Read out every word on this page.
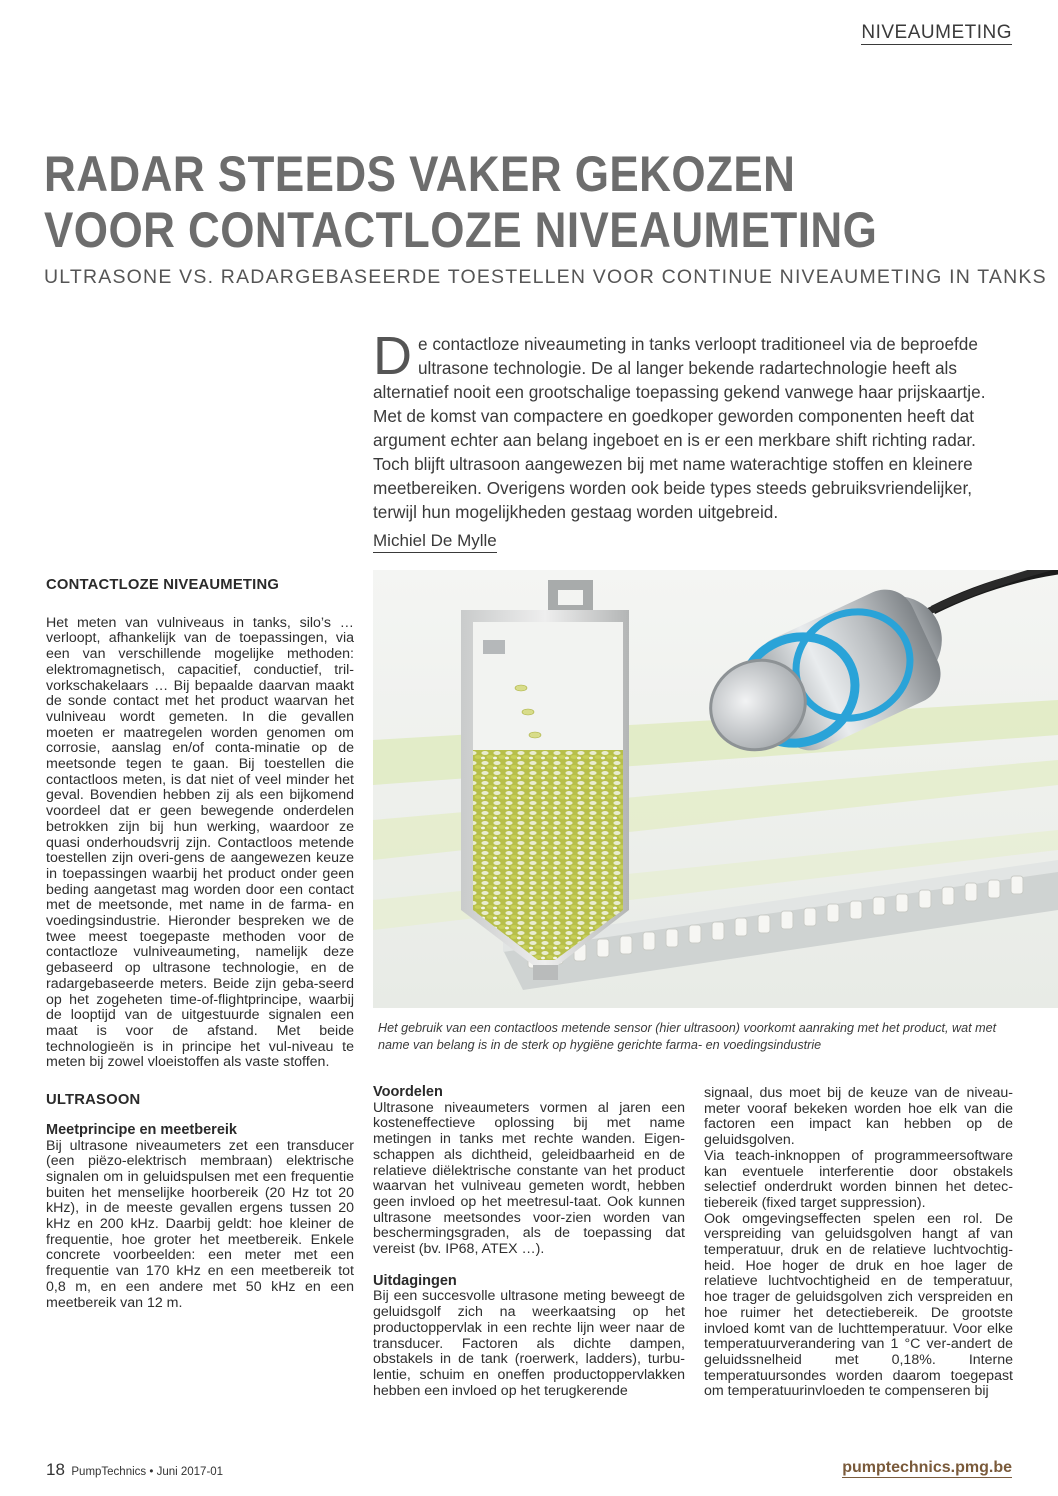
NIVEAUMETING
RADAR STEEDS VAKER GEKOZEN
VOOR CONTACTLOZE NIVEAUMETING
ULTRASONE VS. RADARGEBASEERDE TOESTELLEN VOOR CONTINUE NIVEAUMETING IN TANKS
De contactloze niveaumeting in tanks verloopt traditioneel via de beproefde ultrasone technologie. De al langer bekende radartechnologie heeft als alternatief nooit een grootschalige toepassing gekend vanwege haar prijskaartje. Met de komst van compactere en goedkoper geworden componenten heeft dat argument echter aan belang ingeboet en is er een merkbare shift richting radar. Toch blijft ultrasoon aangewezen bij met name waterachtige stoffen en kleinere meetbereiken. Overigens worden ook beide types steeds gebruiksvriendelijker, terwijl hun mogelijkheden gestaag worden uitgebreid.
Michiel De Mylle
CONTACTLOZE NIVEAUMETING

Het meten van vulniveaus in tanks, silo’s … verloopt, afhankelijk van de toepassingen, via een van verschillende mogelijke methoden: elektromagnetisch, capacitief, conductief, tril-vorkschakelaars … Bij bepaalde daarvan maakt de sonde contact met het product waarvan het vulniveau wordt gemeten. In die gevallen moeten er maatregelen worden genomen om corrosie, aanslag en/of conta-minatie op de meetsonde tegen te gaan. Bij toestellen die contactloos meten, is dat niet of veel minder het geval. Bovendien hebben zij als een bijkomend voordeel dat er geen bewegende onderdelen betrokken zijn bij hun werking, waardoor ze quasi onderhoudsvrij zijn. Contactloos metende toestellen zijn overi-gens de aangewezen keuze in toepassingen waarbij het product onder geen beding aangetast mag worden door een contact met de meetsonde, met name in de farma- en voedingsindustrie. Hieronder bespreken we de twee meest toegepaste methoden voor de contactloze vulniveaumeting, namelijk deze gebaseerd op ultrasone technologie, en de radargebaseerde meters. Beide zijn geba-seerd op het zogeheten time-of-flightprincipe, waarbij de looptijd van de uitgestuurde signalen een maat is voor de afstand. Met beide technologieën is in principe het vul-niveau te meten bij zowel vloeistoffen als vaste stoffen.

ULTRASOON
Meetprincipe en meetbereik

Bij ultrasone niveaumeters zet een transducer (een piëzo-elektrisch membraan) elektrische signalen om in geluidspulsen met een frequentie buiten het menselijke hoorbereik (20 Hz tot 20 kHz), in de meeste gevallen ergens tussen 20 kHz en 200 kHz. Daarbij geldt: hoe kleiner de frequentie, hoe groter het meetbereik. Enkele concrete voorbeelden: een meter met een frequentie van 170 kHz en een meetbereik tot 0,8 m, en een andere met 50 kHz en een meetbereik van 12 m.

Het gebruik van een contactloos metende sensor (hier ultrasoon) voorkomt aanraking met het product, wat met name van belang is in de sterk op hygiëne gerichte farma- en voedingsindustrie
Voordelen

Ultrasone niveaumeters vormen al jaren een kosteneffectieve oplossing bij met name metingen in tanks met rechte wanden. Eigen-schappen als dichtheid, geleidbaarheid en de relatieve diëlektrische constante van het product waarvan het vulniveau gemeten wordt, hebben geen invloed op het meetresul-taat. Ook kunnen ultrasone meetsondes voor-zien worden van beschermingsgraden, als de toepassing dat vereist (bv. IP68, ATEX …).

Uitdagingen

Bij een succesvolle ultrasone meting beweegt de geluidsgolf zich na weerkaatsing op het productoppervlak in een rechte lijn weer naar de transducer. Factoren als dichte dampen, obstakels in de tank (roerwerk, ladders), turbu-lentie, schuim en oneffen productoppervlakken hebben een invloed op het terugkerende

signaal, dus moet bij de keuze van de niveau-meter vooraf bekeken worden hoe elk van die factoren een impact kan hebben op de geluidsgolven.

Via teach-inknoppen of programmeersoftware kan eventuele interferentie door obstakels selectief onderdrukt worden binnen het detec-tiebereik (fixed target suppression).

Ook omgevingseffecten spelen een rol. De verspreiding van geluidsgolven hangt af van temperatuur, druk en de relatieve luchtvochtig-heid. Hoe hoger de druk en hoe lager de relatieve luchtvochtigheid en de temperatuur, hoe trager de geluidsgolven zich verspreiden en hoe ruimer het detectiebereik. De grootste invloed komt van de luchttemperatuur. Voor elke temperatuurverandering van 1 °C ver-andert de geluidssnelheid met 0,18%. Interne temperatuursondes worden daarom toegepast om temperatuurinvloeden te compenseren bij

18 PumpTechnics • Juni 2017-01	pumptechnics.pmg.be
